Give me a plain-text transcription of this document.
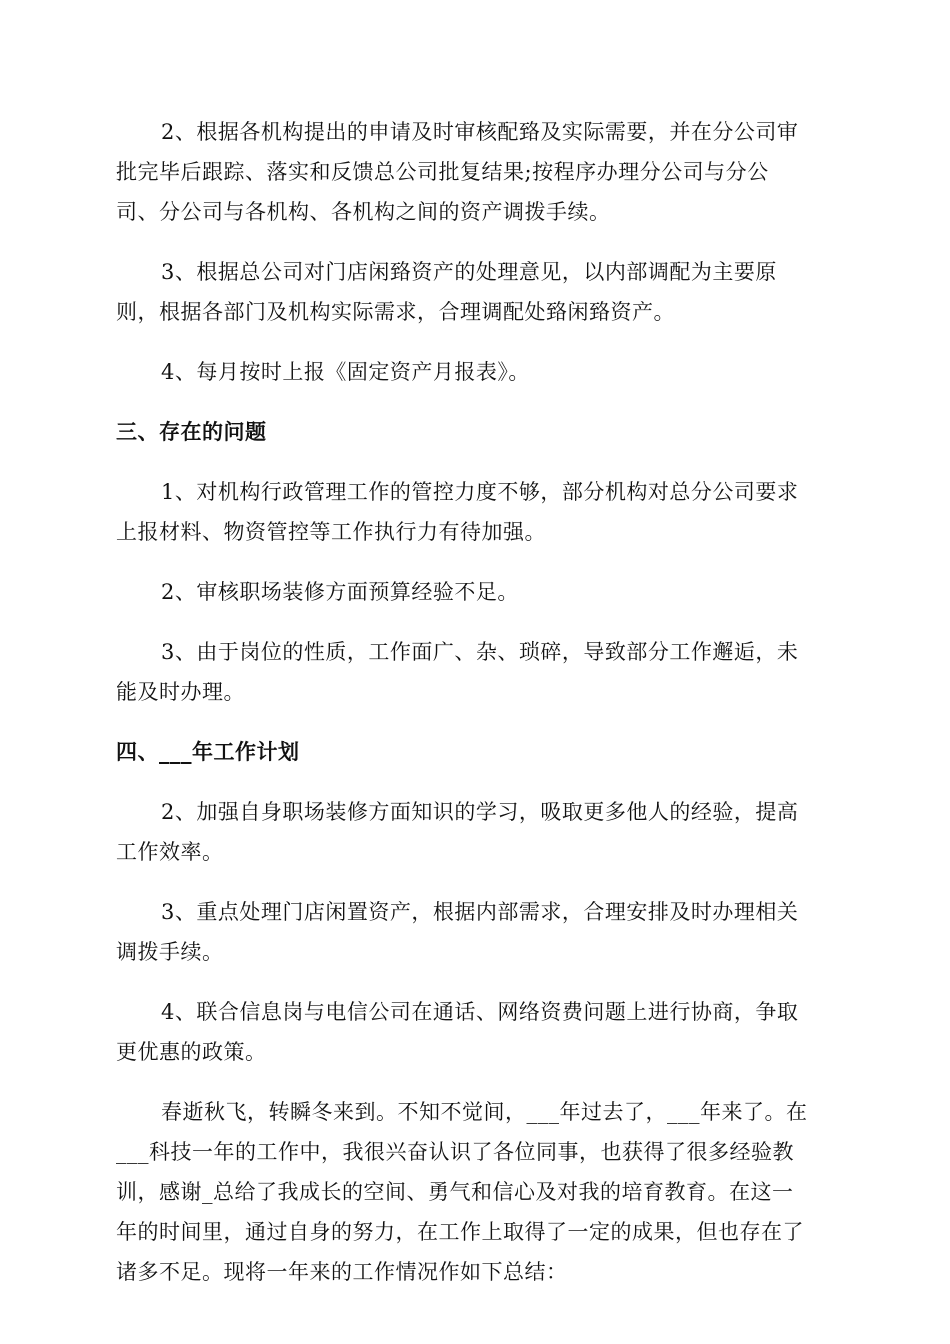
2、根据各机构提出的申请及时审核配臵及实际需要，并在分公司审
批完毕后跟踪、落实和反馈总公司批复结果;按程序办理分公司与分公
司、分公司与各机构、各机构之间的资产调拨手续。

3、根据总公司对门店闲臵资产的处理意见，以内部调配为主要原
则，根据各部门及机构实际需求，合理调配处臵闲臵资产。

4、每月按时上报《固定资产月报表》。

三、存在的问题

1、对机构行政管理工作的管控力度不够，部分机构对总分公司要求
上报材料、物资管控等工作执行力有待加强。

2、审核职场装修方面预算经验不足。

3、由于岗位的性质，工作面广、杂、琐碎，导致部分工作邂逅，未
能及时办理。

四、___年工作计划

2、加强自身职场装修方面知识的学习，吸取更多他人的经验，提高
工作效率。

3、重点处理门店闲置资产，根据内部需求，合理安排及时办理相关
调拨手续。

4、联合信息岗与电信公司在通话、网络资费问题上进行协商，争取
更优惠的政策。

春逝秋飞，转瞬冬来到。不知不觉间，___年过去了，___年来了。在
___科技一年的工作中，我很兴奋认识了各位同事，也获得了很多经验教
训，感谢_总给了我成长的空间、勇气和信心及对我的培育教育。在这一
年的时间里，通过自身的努力，在工作上取得了一定的成果，但也存在了
诸多不足。现将一年来的工作情况作如下总结：
